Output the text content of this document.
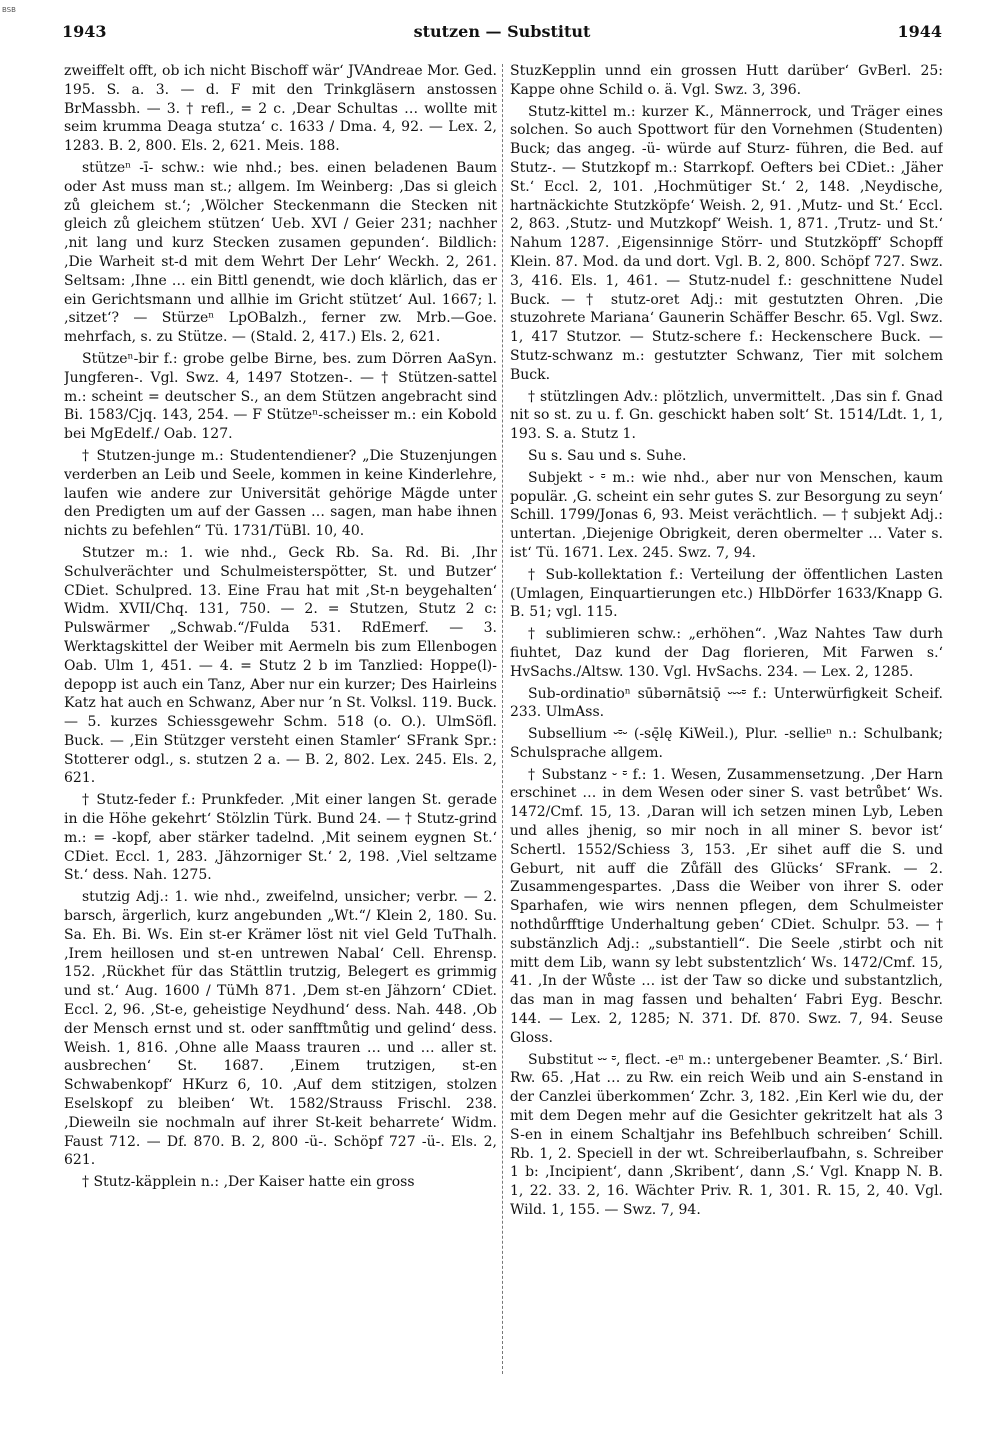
BSB
1943	stutzen — Substitut	1944

zweiffelt offt, ob ich nicht Bischoff wär‘ JVAndreae Mor. Ged. 195. S. a. 3. — d. F mit den Trinkgläsern anstossen BrMassbh. — 3. † refl., = 2 c. ‚Dear Schultas … wollte mit seim krumma Deaga stutza‘ c. 1633 / Dma. 4, 92. — Lex. 2, 1283. B. 2, 800. Els. 2, 621. Meis. 188.

stützeⁿ -ī- schw.: wie nhd.; bes. einen beladenen Baum oder Ast muss man st.; allgem. Im Weinberg: ‚Das si gleich zů gleichem st.‘; ‚Wölcher Steckenmann die Stecken nit gleich zů gleichem stützen‘ Ueb. XVI / Geier 231; nachher ‚nit lang und kurz Stecken zusamen gepunden‘. Bildlich: ‚Die Warheit st-d mit dem Wehrt Der Lehr‘ Weckh. 2, 261. Seltsam: ‚Ihne … ein Bittl genendt, wie doch klärlich, das er ein Gerichtsmann und allhie im Gricht stützet‘ Aul. 1667; l. ‚sitzet‘? — Stürzeⁿ LpOBalzh., ferner zw. Mrb.—Goe. mehrfach, s. zu Stütze. — (Stald. 2, 417.) Els. 2, 621.

Stützeⁿ-bir f.: grobe gelbe Birne, bes. zum Dörren AaSyn. Jungferen-. Vgl. Swz. 4, 1497 Stotzen-. — † Stützen-sattel m.: scheint = deutscher S., an dem Stützen angebracht sind Bi. 1583/Cjq. 143, 254. — F Stützeⁿ-scheisser m.: ein Kobold bei MgEdelf./ Oab. 127.

† Stutzen-junge m.: Studentendiener? „Die Stuzenjungen verderben an Leib und Seele, kommen in keine Kinderlehre, laufen wie andere zur Universität gehörige Mägde unter den Predigten um auf der Gassen … sagen, man habe ihnen nichts zu befehlen“ Tü. 1731/TüBl. 10, 40.

Stutzer m.: 1. wie nhd., Geck Rb. Sa. Rd. Bi. ‚Ihr Schulverächter und Schulmeisterspötter, St. und Butzer‘ CDiet. Schulpred. 13. Eine Frau hat mit ‚St-n beygehalten‘ Widm. XVII/Chq. 131, 750. — 2. = Stutzen, Stutz 2 c: Pulswärmer „Schwab.“/Fulda 531. RdEmerf. — 3. Werktagskittel der Weiber mit Aermeln bis zum Ellenbogen Oab. Ulm 1, 451. — 4. = Stutz 2 b im Tanzlied: Hoppe(l)-depopp ist auch ein Tanz, Aber nur ein kurzer; Des Hairleins Katz hat auch en Schwanz, Aber nur ’n St. Volksl. 119. Buck. — 5. kurzes Schiessgewehr Schm. 518 (o. O.). UlmSöfl. Buck. — ‚Ein Stützger versteht einen Stamler‘ SFrank Spr.: Stotterer odgl., s. stutzen 2 a. — B. 2, 802. Lex. 245. Els. 2, 621.

† Stutz-feder f.: Prunkfeder. ‚Mit einer langen St. gerade in die Höhe gekehrt‘ Stölzlin Türk. Bund 24. — † Stutz-grind m.: = -kopf, aber stärker tadelnd. ‚Mit seinem eygnen St.‘ CDiet. Eccl. 1, 283. ‚Jähzorniger St.‘ 2, 198. ‚Viel seltzame St.‘ dess. Nah. 1275.

stutzig Adj.: 1. wie nhd., zweifelnd, unsicher; verbr. — 2. barsch, ärgerlich, kurz angebunden „Wt.“/ Klein 2, 180. Su. Sa. Eh. Bi. Ws. Ein st-er Krämer löst nit viel Geld TuThalh. ‚Irem heillosen und st-en untrewen Nabal‘ Cell. Ehrensp. 152. ‚Rückhet für das Stättlin trutzig, Belegert es grimmig und st.‘ Aug. 1600 / TüMh 871. ‚Dem st-en Jähzorn‘ CDiet. Eccl. 2, 96. ‚St-e, geheistige Neydhund‘ dess. Nah. 448. ‚Ob der Mensch ernst und st. oder sanfftmůtig und gelind‘ dess. Weish. 1, 816. ‚Ohne alle Maass trauren … und … aller st. ausbrechen‘ St. 1687. ‚Einem trutzigen, st-en Schwabenkopf‘ HKurz 6, 10. ‚Auf dem stitzigen, stolzen Eselskopf zu bleiben‘ Wt. 1582/Strauss Frischl. 238. ‚Dieweiln sie nochmaln auf ihrer St-keit beharrete‘ Widm. Faust 712. — Df. 870. B. 2, 800 -ü-. Schöpf 727 -ü-. Els. 2, 621.

† Stutz-käpplein n.: ‚Der Kaiser hatte ein gross

StuzKepplin unnd ein grossen Hutt darüber‘ GvBerl. 25: Kappe ohne Schild o. ä. Vgl. Swz. 3, 396.

Stutz-kittel m.: kurzer K., Männerrock, und Träger eines solchen. So auch Spottwort für den Vornehmen (Studenten) Buck; das angeg. -ü- würde auf Sturz- führen, die Bed. auf Stutz-. — Stutzkopf m.: Starrkopf. Oefters bei CDiet.: ‚Jäher St.‘ Eccl. 2, 101. ‚Hochmütiger St.‘ 2, 148. ‚Neydische, hartnäckichte Stutzköpfe‘ Weish. 2, 91. ‚Mutz- und St.‘ Eccl. 2, 863. ‚Stutz- und Mutzkopf‘ Weish. 1, 871. ‚Trutz- und St.‘ Nahum 1287. ‚Eigensinnige Störr- und Stutzköpff‘ Schopff Klein. 87. Mod. da und dort. Vgl. B. 2, 800. Schöpf 727. Swz. 3, 416. Els. 1, 461. — Stutz-nudel f.: geschnittene Nudel Buck. — † stutz-oret Adj.: mit gestutzten Ohren. ‚Die stuzohrete Mariana‘ Gaunerin Schäffer Beschr. 65. Vgl. Swz. 1, 417 Stutzor. — Stutz-schere f.: Heckenschere Buck. — Stutz-schwanz m.: gestutzter Schwanz, Tier mit solchem Buck.

† stützlingen Adv.: plötzlich, unvermittelt. ‚Das sin f. Gnad nit so st. zu u. f. Gn. geschickt haben solt‘ St. 1514/Ldt. 1, 1, 193. S. a. Stutz 1.

Su s. Sau und s. Suhe.

Subjekt ⏑ ⏒ m.: wie nhd., aber nur von Menschen, kaum populär. ‚G. scheint ein sehr gutes S. zur Besorgung zu seyn‘ Schill. 1799/Jonas 6, 93. Meist verächtlich. — † subjekt Adj.: untertan. ‚Diejenige Obrigkeit, deren obermelter … Vater s. ist‘ Tü. 1671. Lex. 245. Swz. 7, 94.

† Sub-kollektation f.: Verteilung der öffentlichen Lasten (Umlagen, Einquartierungen etc.) HlbDörfer 1633/Knapp G. B. 51; vgl. 115.

† sublimieren schw.: „erhöhen“. ‚Waz Nahtes Taw durh fiuhtet, Daz kund der Dag florieren, Mit Farwen s.‘ HvSachs./Altsw. 130. Vgl. HvSachs. 234. — Lex. 2, 1285.

Sub-ordinatioⁿ sūbərnātsiǭ ⏑⏑⏑⏒ f.: Unterwürfigkeit Scheif. 233. UlmAss.

Subsellium ⏑⏒⏑ (-sę̄lę KiWeil.), Plur. -sellieⁿ n.: Schulbank; Schulsprache allgem.

† Substanz ⏑ ⏒ f.: 1. Wesen, Zusammensetzung. ‚Der Harn erschinet … in dem Wesen oder siner S. vast betrůbet‘ Ws. 1472/Cmf. 15, 13. ‚Daran will ich setzen minen Lyb, Leben und alles jhenig, so mir noch in all miner S. bevor ist‘ Schertl. 1552/Schiess 3, 153. ‚Er sihet auff die S. und Geburt, nit auff die Zůfäll des Glücks‘ SFrank. — 2. Zusammengespartes. ‚Dass die Weiber von ihrer S. oder Sparhafen, wie wirs nennen pflegen, dem Schulmeister nothdůrfftige Underhaltung geben‘ CDiet. Schulpr. 53. — † substänzlich Adj.: „substantiell“. Die Seele ‚stirbt och nit mitt dem Lib, wann sy lebt substentzlich‘ Ws. 1472/Cmf. 15, 41. ‚In der Wůste … ist der Taw so dicke und substantzlich, das man in mag fassen und behalten‘ Fabri Eyg. Beschr. 144. — Lex. 2, 1285; N. 371. Df. 870. Swz. 7, 94. Seuse Gloss.

Substitut ⏑⏑ ⏒, flect. -eⁿ m.: untergebener Beamter. ‚S.‘ Birl. Rw. 65. ‚Hat … zu Rw. ein reich Weib und ain S-enstand in der Canzlei überkommen‘ Zchr. 3, 182. ‚Ein Kerl wie du, der mit dem Degen mehr auf die Gesichter gekritzelt hat als 3 S-en in einem Schaltjahr ins Befehlbuch schreiben‘ Schill. Rb. 1, 2. Speciell in der wt. Schreiberlaufbahn, s. Schreiber 1 b: ‚Incipient‘, dann ‚Skribent‘, dann ‚S.‘ Vgl. Knapp N. B. 1, 22. 33. 2, 16. Wächter Priv. R. 1, 301. R. 15, 2, 40. Vgl. Wild. 1, 155. — Swz. 7, 94.
